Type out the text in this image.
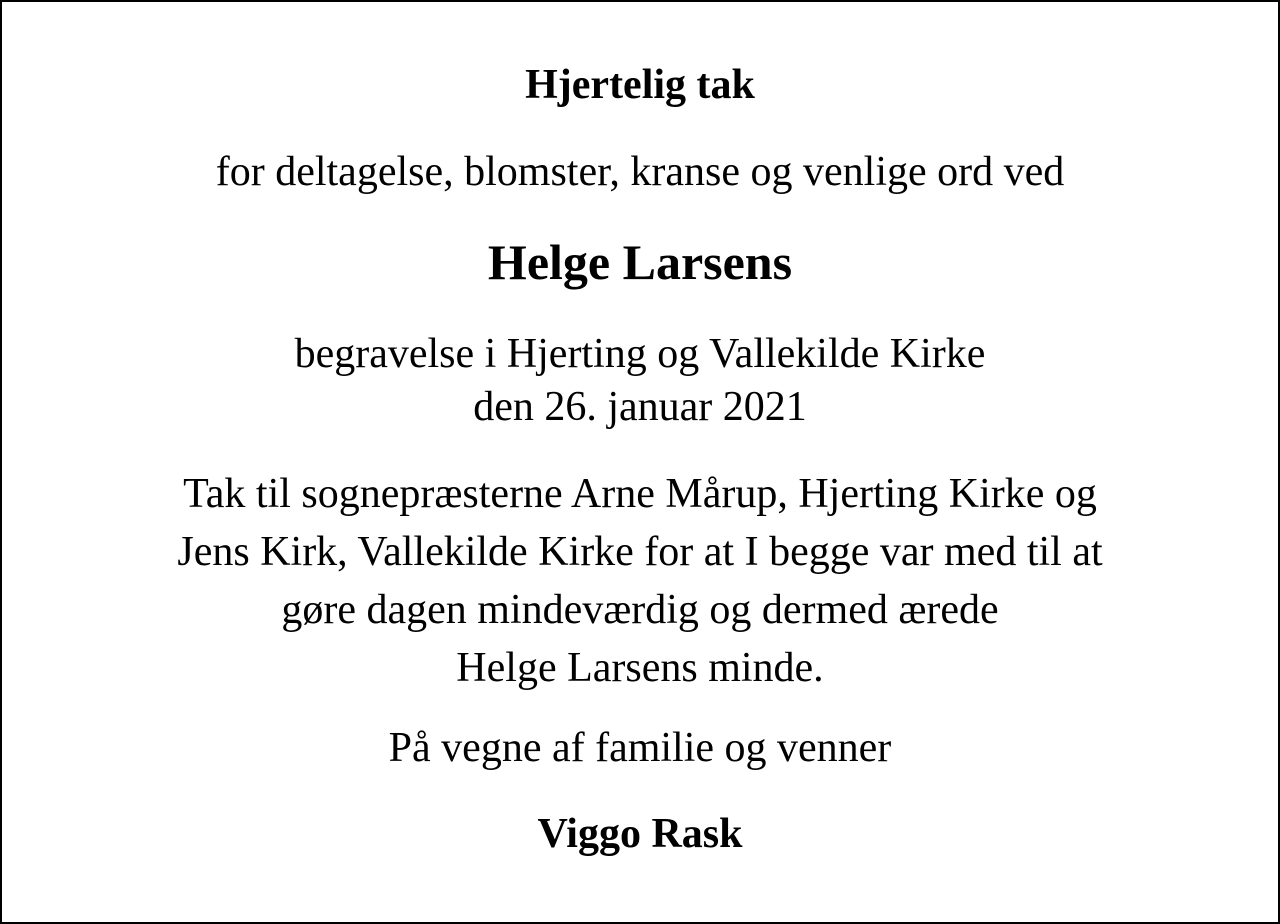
Hjertelig tak

for deltagelse, blomster, kranse og venlige ord ved

Helge Larsens

begravelse i Hjerting og Vallekilde Kirke

den 26. januar 2021

Tak til sognepræsterne Arne Mårup, Hjerting Kirke og

Jens Kirk, Vallekilde Kirke for at I begge var med til at

gøre dagen mindeværdig og dermed ærede

Helge Larsens minde.

På vegne af familie og venner

Viggo Rask
